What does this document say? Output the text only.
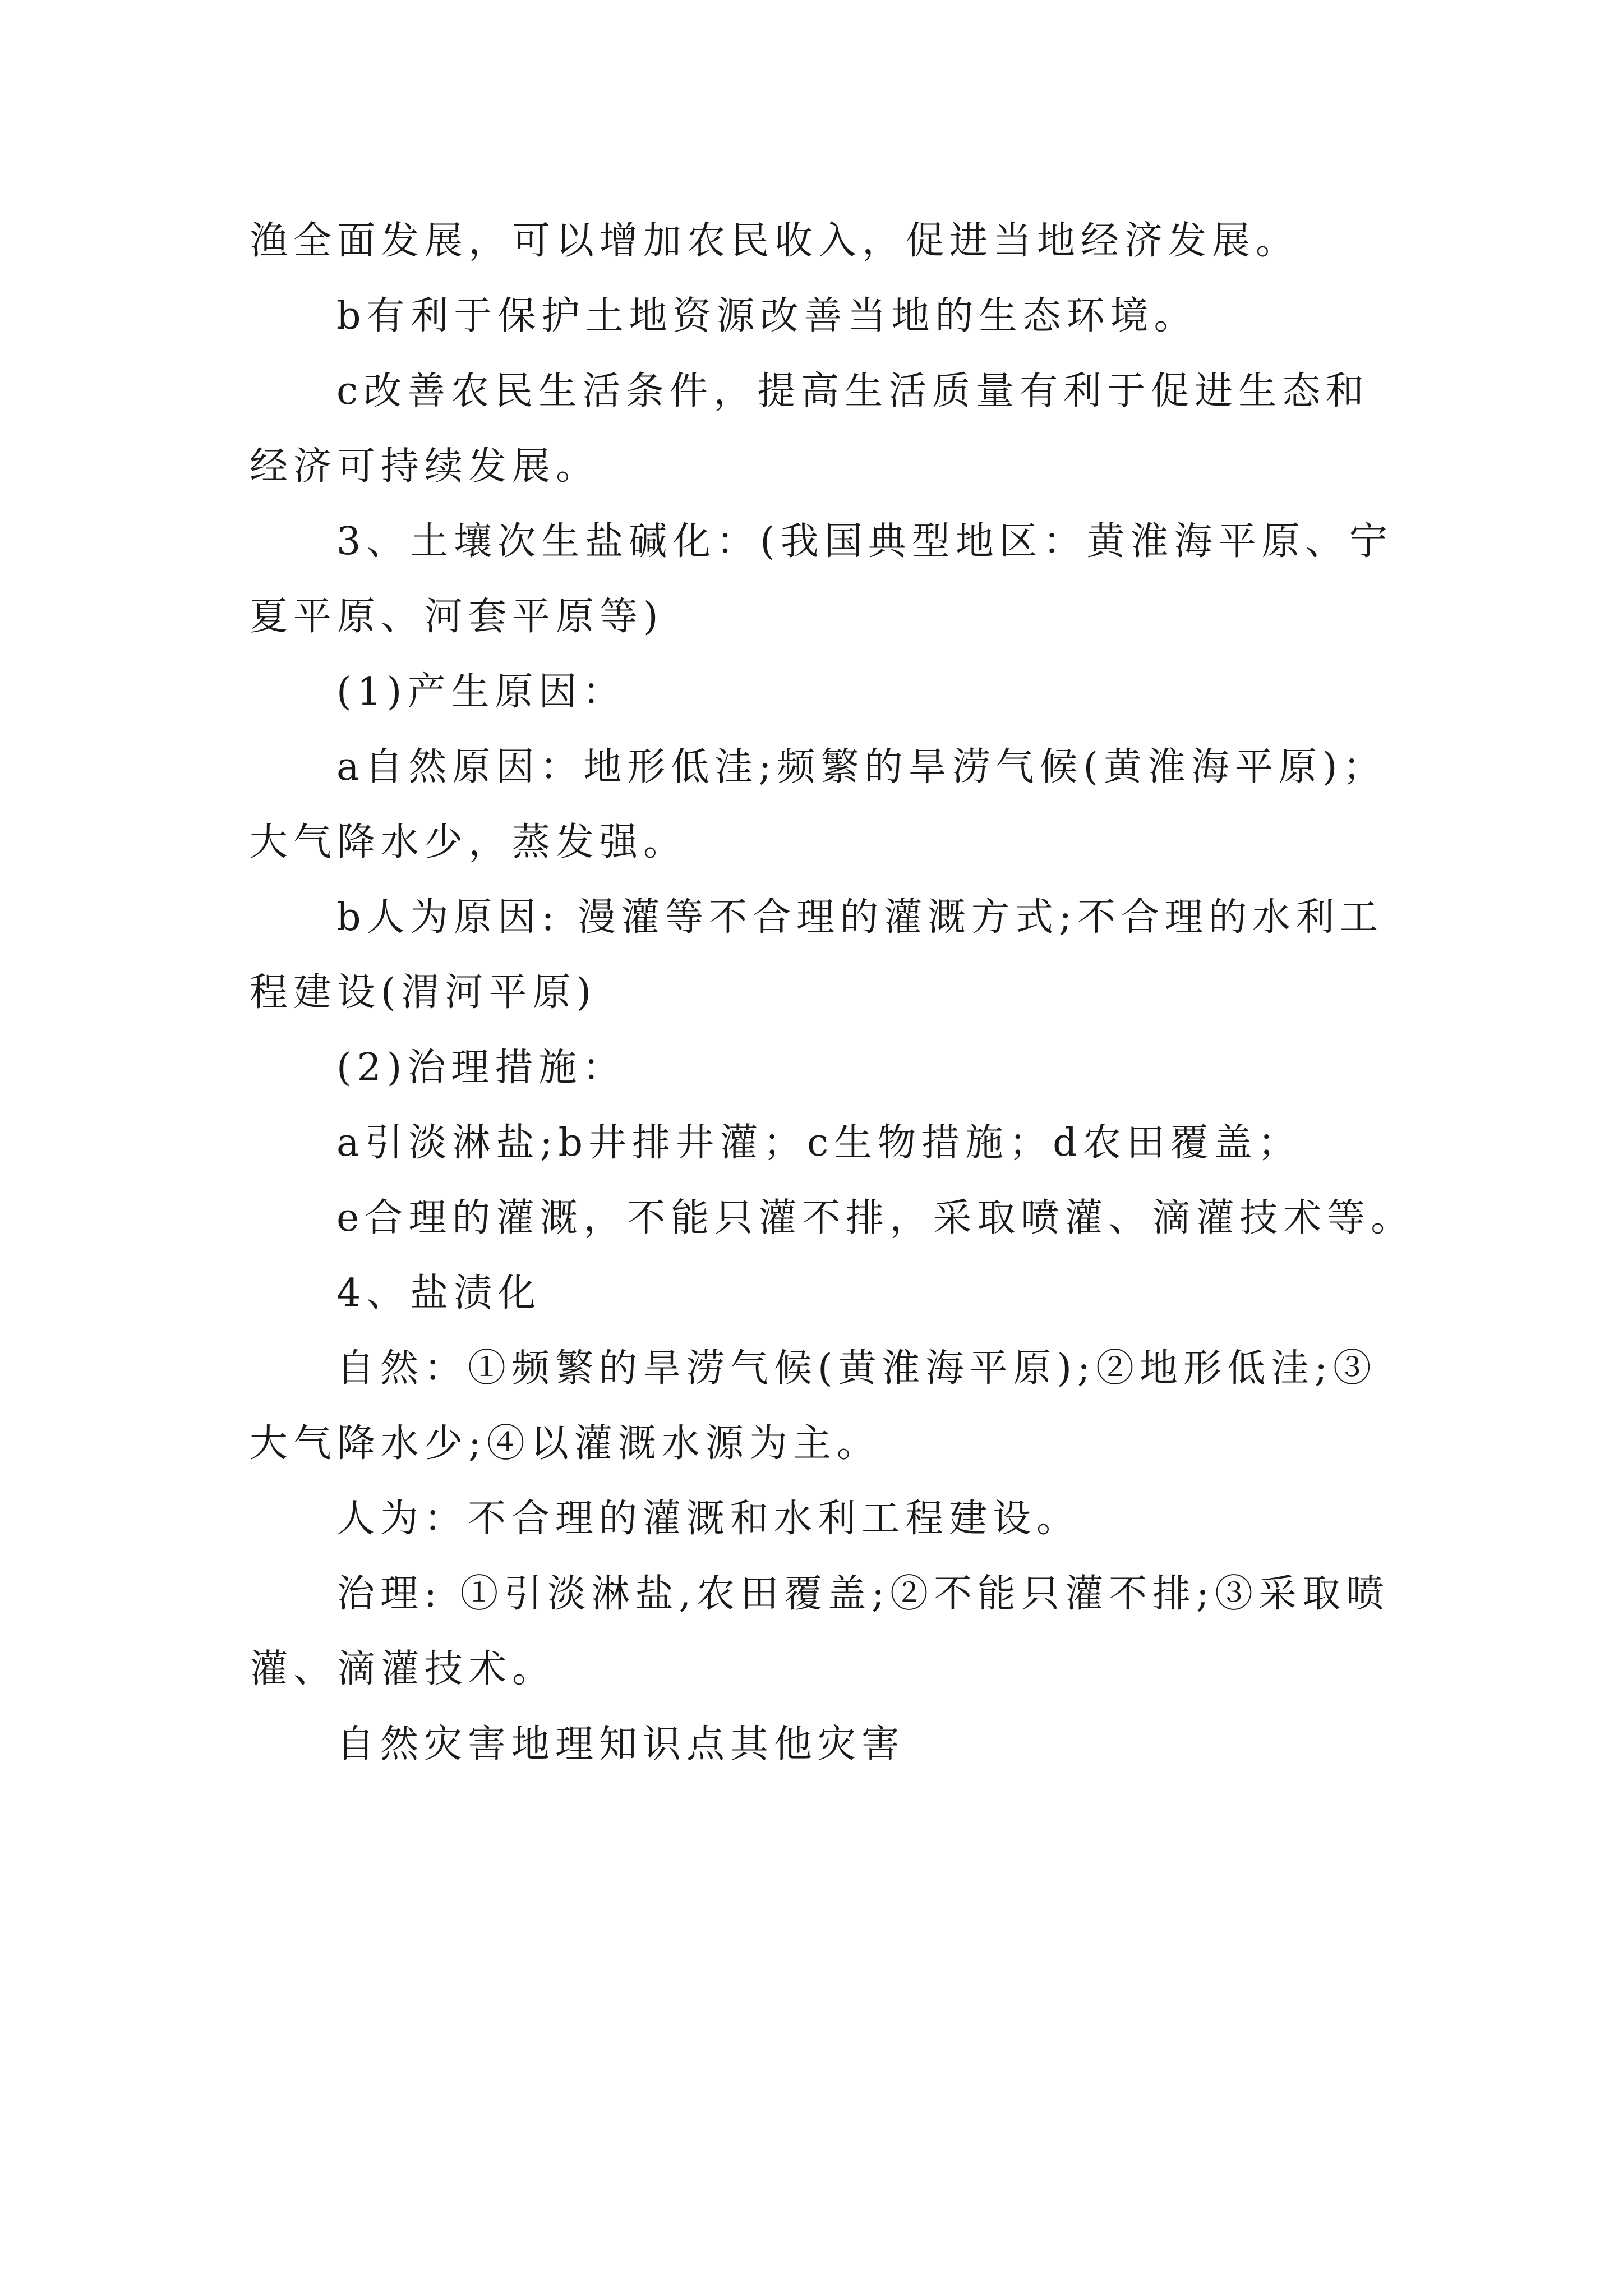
渔全面发展，可以增加农民收入，促进当地经济发展。
b有利于保护土地资源改善当地的生态环境。
c改善农民生活条件，提高生活质量有利于促进生态和
经济可持续发展。
3、土壤次生盐碱化：(我国典型地区：黄淮海平原、宁
夏平原、河套平原等)
(1)产生原因：
a自然原因：地形低洼;频繁的旱涝气候(黄淮海平原)；
大气降水少，蒸发强。
b人为原因: 漫灌等不合理的灌溉方式;不合理的水利工
程建设(渭河平原)
(2)治理措施：
a引淡淋盐;b井排井灌；c生物措施；d农田覆盖；
e合理的灌溉，不能只灌不排，采取喷灌、滴灌技术等。
4、盐渍化
自然：①频繁的旱涝气候(黄淮海平原);②地形低洼;③
大气降水少;④以灌溉水源为主。
人为：不合理的灌溉和水利工程建设。
治理: ①引淡淋盐,农田覆盖;②不能只灌不排;③采取喷
灌、滴灌技术。
自然灾害地理知识点其他灾害
